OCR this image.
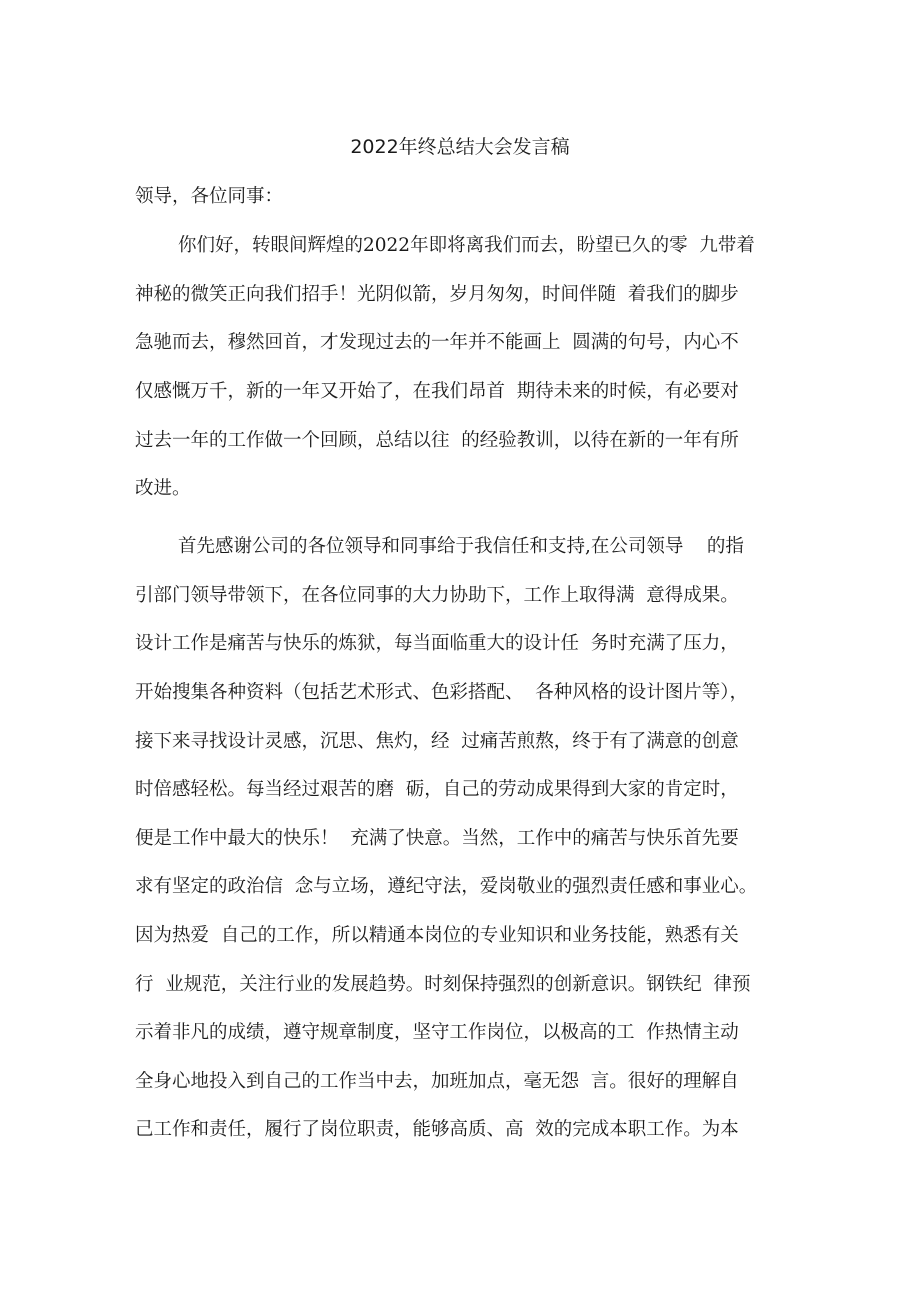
2022年终总结大会发言稿

领导，各位同事：

你们好，转眼间辉煌的2022年即将离我们而去，盼望已久的零  九带着

神秘的微笑正向我们招手！光阴似箭，岁月匆匆，时间伴随  着我们的脚步

急驰而去，穆然回首，才发现过去的一年并不能画上  圆满的句号，内心不

仅感慨万千，新的一年又开始了，在我们昂首  期待未来的时候，有必要对

过去一年的工作做一个回顾，总结以往  的经验教训，以待在新的一年有所

改进。

首先感谢公司的各位领导和同事给于我信任和支持,在公司领导    的指

引部门领导带领下，在各位同事的大力协助下，工作上取得满  意得成果。

设计工作是痛苦与快乐的炼狱，每当面临重大的设计任  务时充满了压力，

开始搜集各种资料（包括艺术形式、色彩搭配、  各种风格的设计图片等），

接下来寻找设计灵感，沉思、焦灼，经  过痛苦煎熬，终于有了满意的创意

时倍感轻松。每当经过艰苦的磨  砺，自己的劳动成果得到大家的肯定时，

便是工作中最大的快乐！  充满了快意。当然，工作中的痛苦与快乐首先要

求有坚定的政治信  念与立场，遵纪守法，爱岗敬业的强烈责任感和事业心。

因为热爱  自己的工作，所以精通本岗位的专业知识和业务技能，熟悉有关

行  业规范，关注行业的发展趋势。时刻保持强烈的创新意识。钢铁纪  律预

示着非凡的成绩，遵守规章制度，坚守工作岗位，以极高的工  作热情主动

全身心地投入到自己的工作当中去，加班加点，毫无怨  言。很好的理解自

己工作和责任，履行了岗位职责，能够高质、高  效的完成本职工作。为本
